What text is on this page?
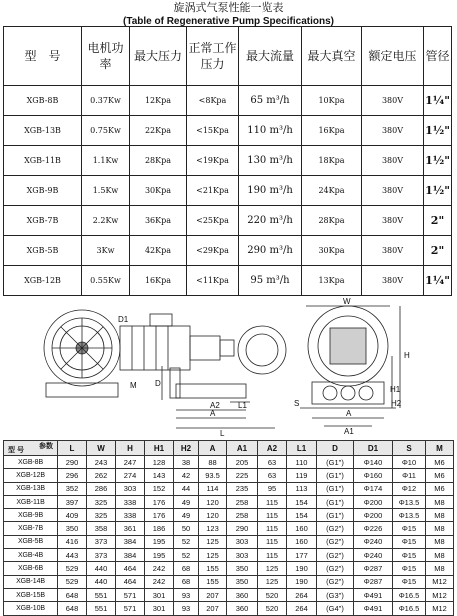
旋涡式气泵性能一览表
(Table of Regenerative Pump Specifications)
型　号	电机功率	最大压力	正常工作压力	最大流量	最大真空	额定电压	管径
XGB-8B	0.37Kw	12Kpa	<8Kpa	65 m³/h	10Kpa	380V	1¼"
XGB-13B	0.75Kw	22Kpa	<15Kpa	110 m³/h	16Kpa	380V	1½"
XGB-11B	1.1Kw	28Kpa	<19Kpa	130 m³/h	18Kpa	380V	1½"
XGB-9B	1.5Kw	30Kpa	<21Kpa	190 m³/h	24Kpa	380V	1½"
XGB-7B	2.2Kw	36Kpa	<25Kpa	220 m³/h	28Kpa	380V	2"
XGB-5B	3Kw	42Kpa	<29Kpa	290 m³/h	30Kpa	380V	2"
XGB-12B	0.55Kw	16Kpa	<11Kpa	95 m³/h	13Kpa	380V	1¼"
D1
M D
A2
A
L1
L
W
H
H1
H2
S
A
A1
参数
型 号	L	W	H	H1	H2	A	A1	A2	L1	D	D1	S	M
XGB-8B	290	243	247	128	38	88	205	63	110	(G1")	Φ140	Φ10	M6
XGB-12B	296	262	274	143	42	93.5	225	63	119	(G1")	Φ160	Φ11	M6
XGB-13B	352	286	303	152	44	114	235	95	113	(G1")	Φ174	Φ12	M6
XGB-11B	397	325	338	176	49	120	258	115	154	(G1")	Φ200	Φ13.5	M8
XGB-9B	409	325	338	176	49	120	258	115	154	(G1")	Φ200	Φ13.5	M8
XGB-7B	350	358	361	186	50	123	290	115	160	(G2")	Φ226	Φ15	M8
XGB-5B	416	373	384	195	52	125	303	115	160	(G2")	Φ240	Φ15	M8
XGB-4B	443	373	384	195	52	125	303	115	177	(G2")	Φ240	Φ15	M8
XGB-6B	529	440	464	242	68	155	350	125	190	(G2")	Φ287	Φ15	M8
XGB-14B	529	440	464	242	68	155	350	125	190	(G2")	Φ287	Φ15	M12
XGB-15B	648	551	571	301	93	207	360	520	264	(G3")	Φ491	Φ16.5	M12
XGB-10B	648	551	571	301	93	207	360	520	264	(G4")	Φ491	Φ16.5	M12
